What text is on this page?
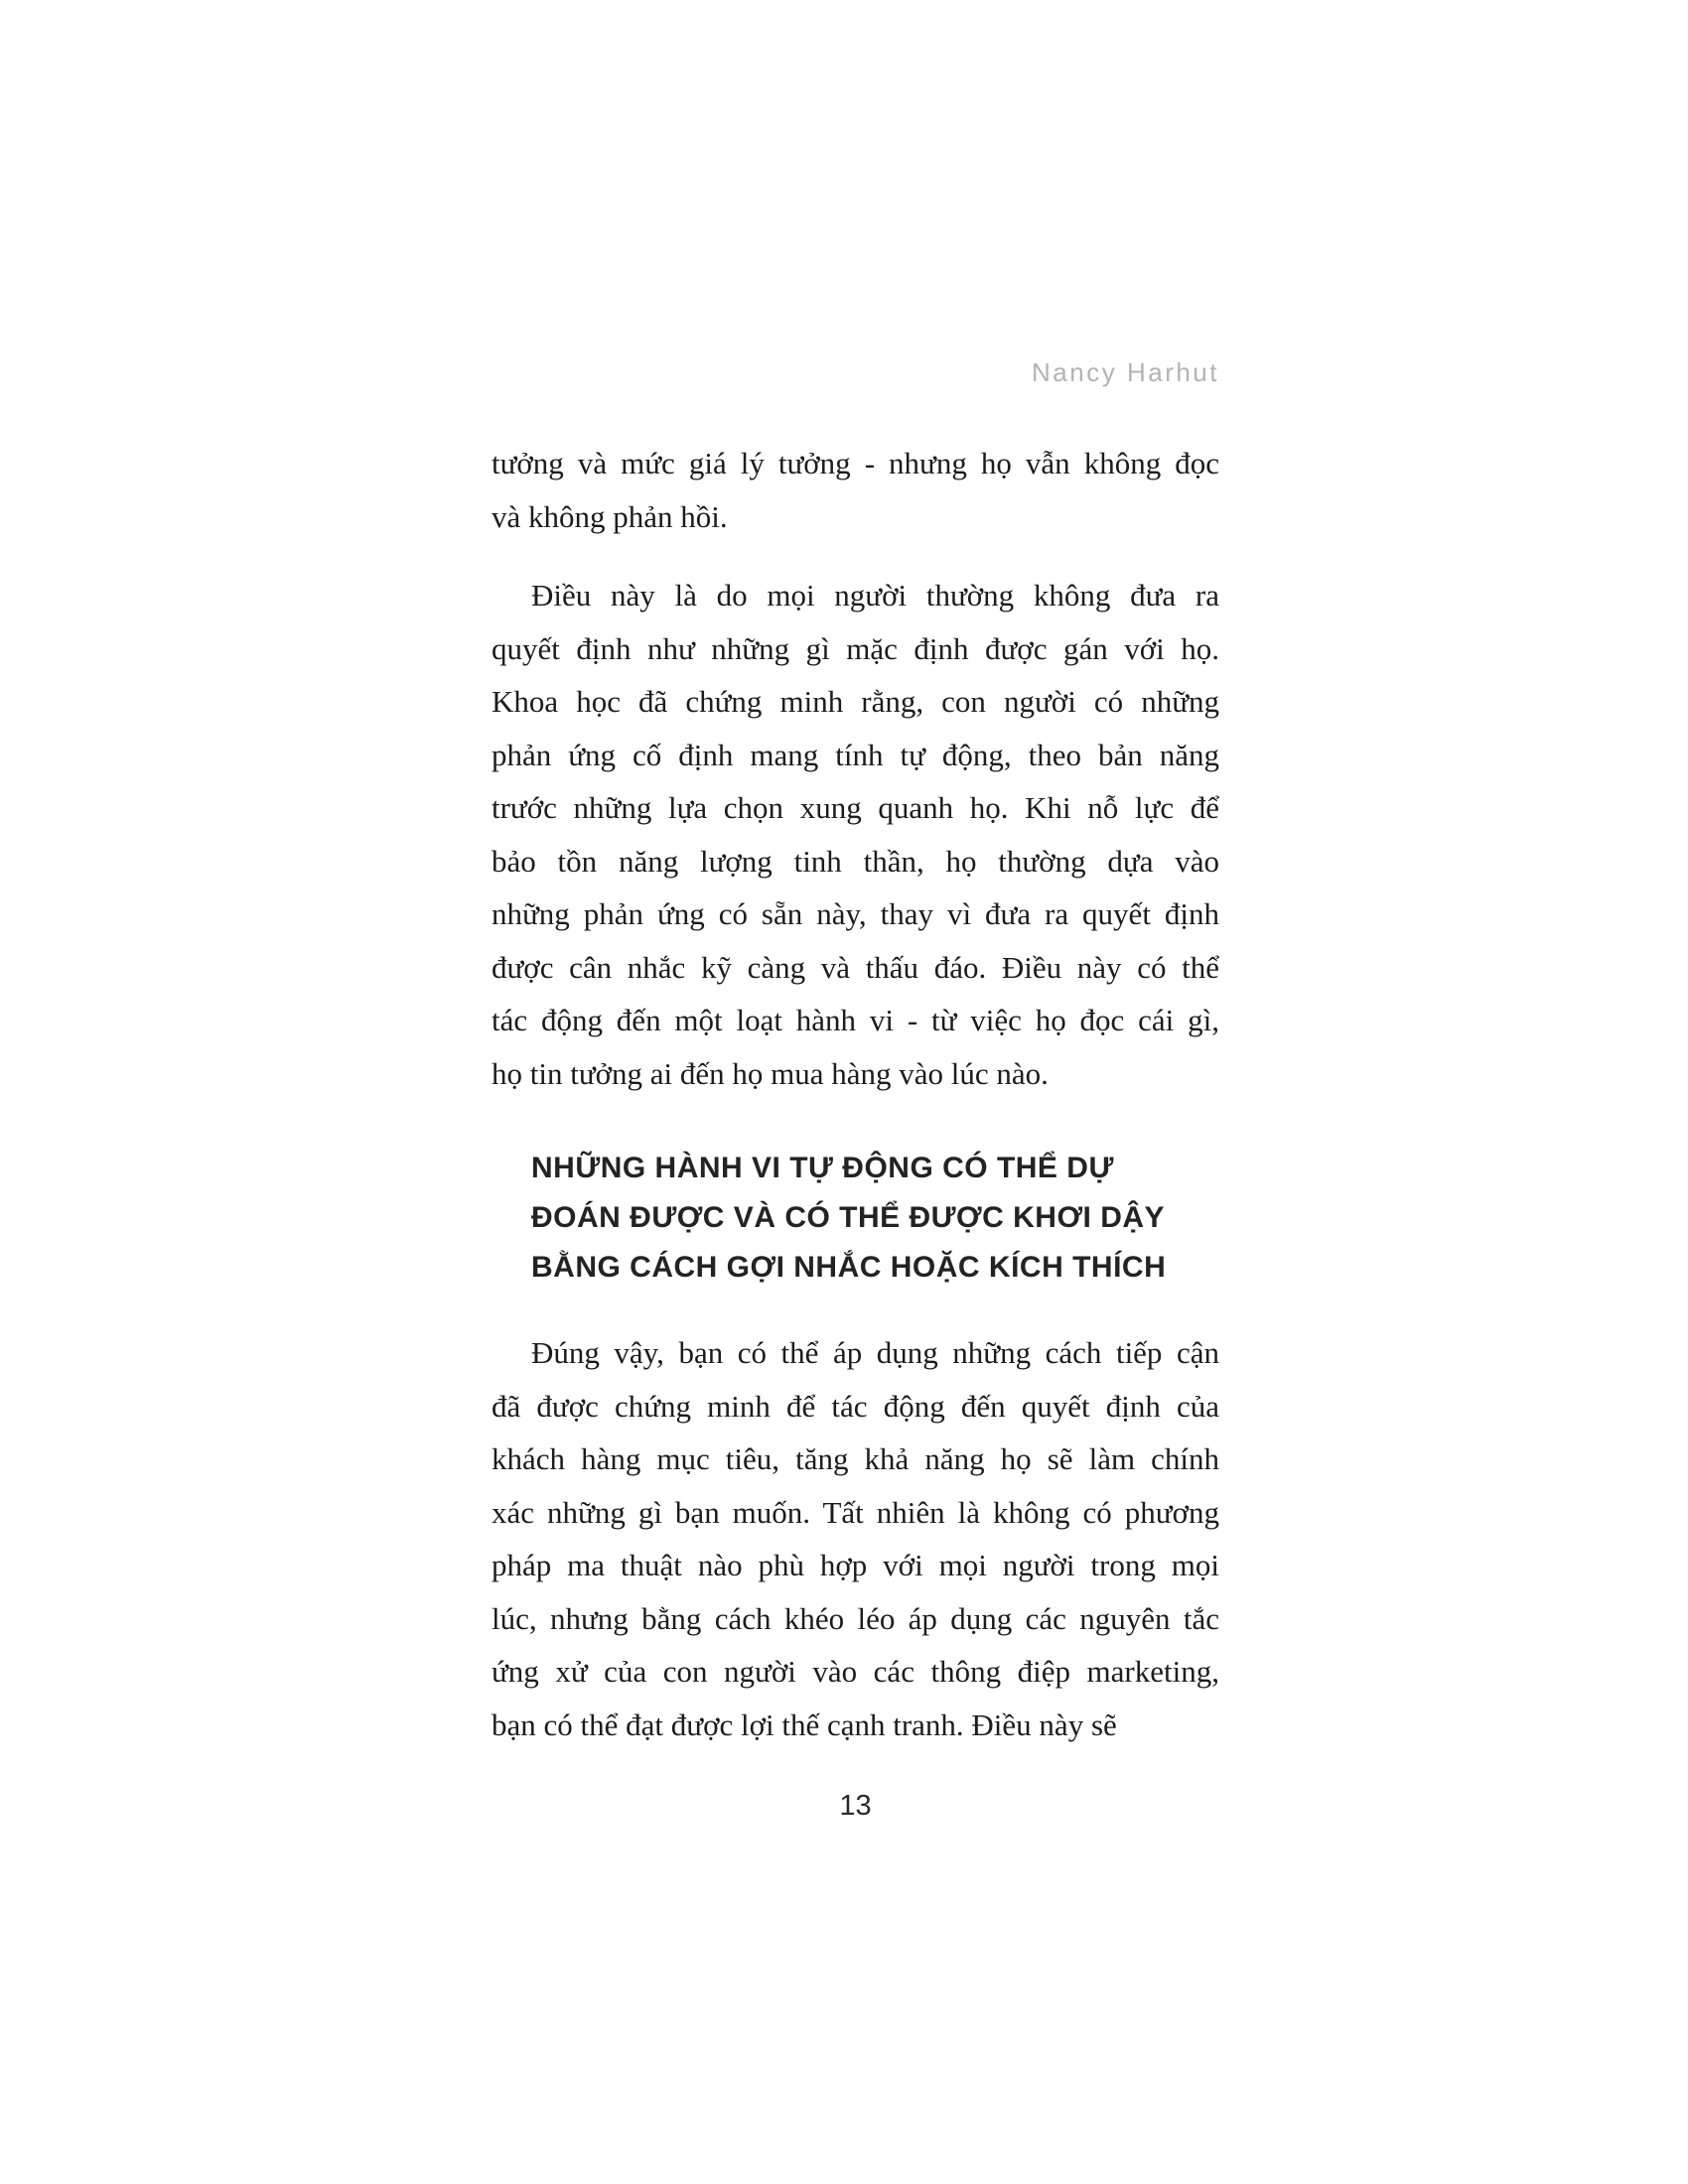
Nancy Harhut
tưởng và mức giá lý tưởng - nhưng họ vẫn không đọc
và không phản hồi.
Điều này là do mọi người thường không đưa ra
quyết định như những gì mặc định được gán với họ.
Khoa học đã chứng minh rằng, con người có những
phản ứng cố định mang tính tự động, theo bản năng
trước những lựa chọn xung quanh họ. Khi nỗ lực để
bảo tồn năng lượng tinh thần, họ thường dựa vào
những phản ứng có sẵn này, thay vì đưa ra quyết định
được cân nhắc kỹ càng và thấu đáo. Điều này có thể
tác động đến một loạt hành vi - từ việc họ đọc cái gì,
họ tin tưởng ai đến họ mua hàng vào lúc nào.
NHỮNG HÀNH VI TỰ ĐỘNG CÓ THỂ DỰ
ĐOÁN ĐƯỢC VÀ CÓ THỂ ĐƯỢC KHƠI DẬY
BẰNG CÁCH GỢI NHẮC HOẶC KÍCH THÍCH
Đúng vậy, bạn có thể áp dụng những cách tiếp cận
đã được chứng minh để tác động đến quyết định của
khách hàng mục tiêu, tăng khả năng họ sẽ làm chính
xác những gì bạn muốn. Tất nhiên là không có phương
pháp ma thuật nào phù hợp với mọi người trong mọi
lúc, nhưng bằng cách khéo léo áp dụng các nguyên tắc
ứng xử của con người vào các thông điệp marketing,
bạn có thể đạt được lợi thế cạnh tranh. Điều này sẽ
13
